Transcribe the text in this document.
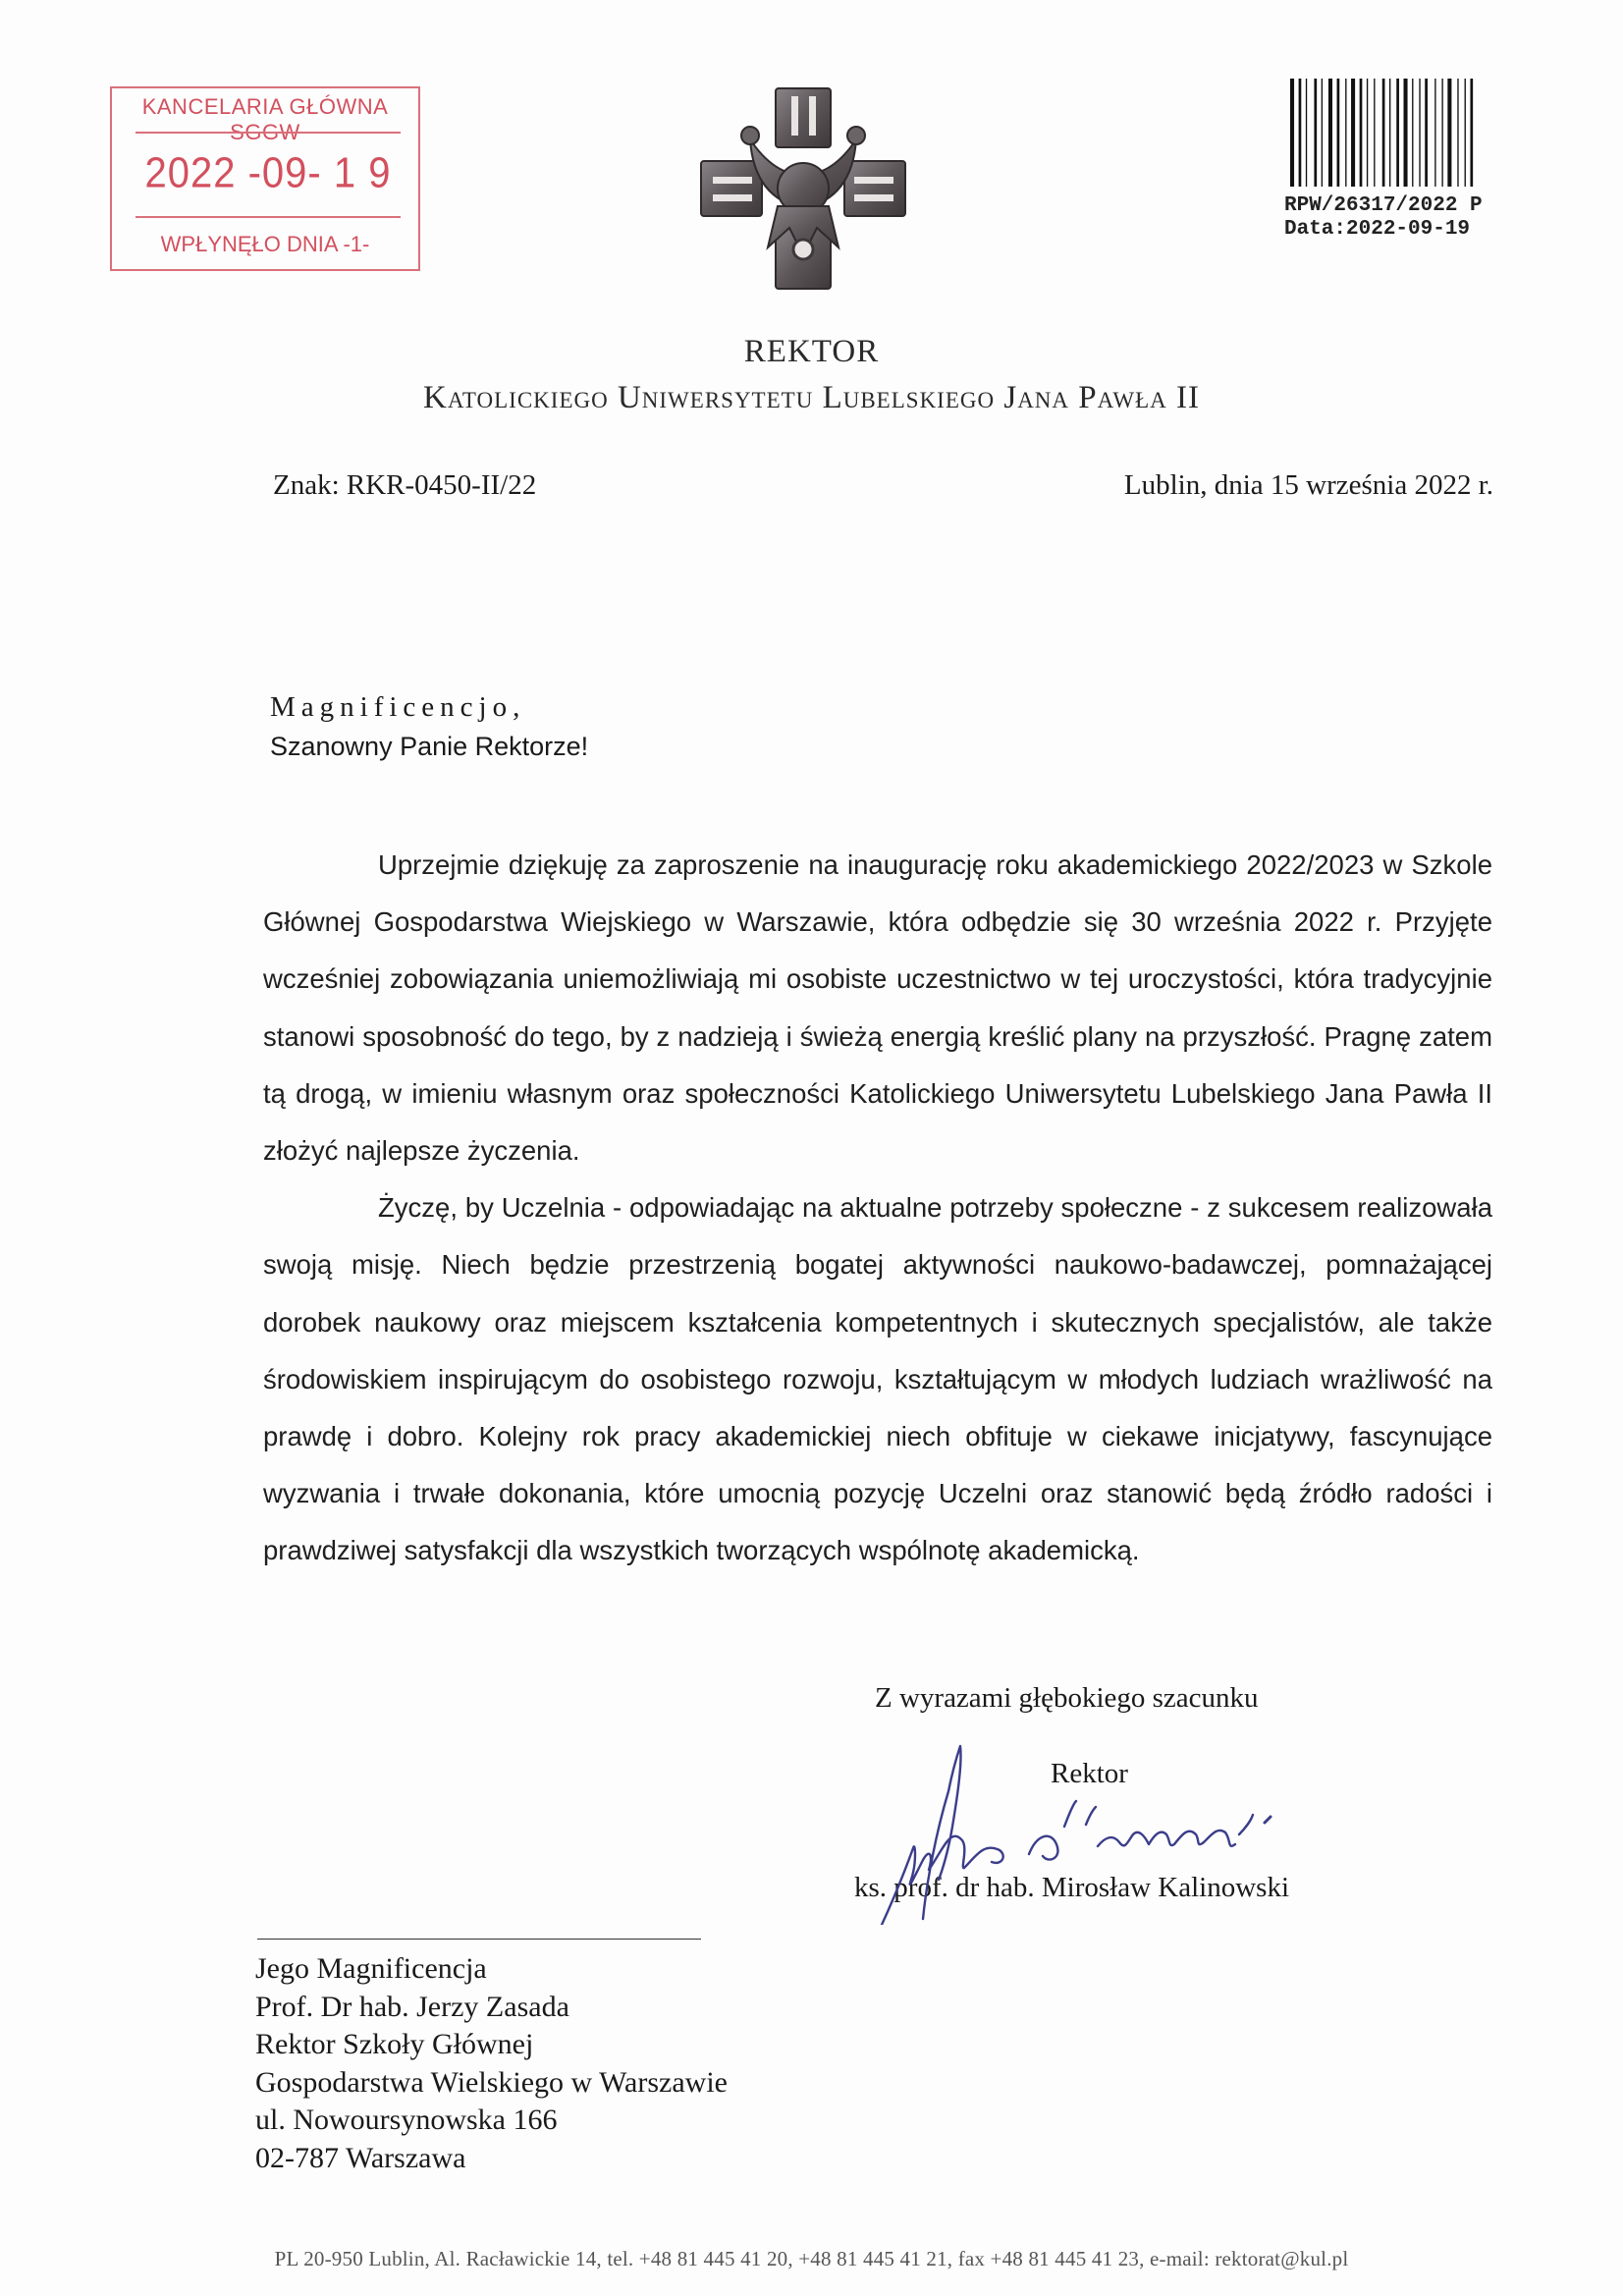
KANCELARIA GŁÓWNA SGGW
2022 -09- 1 9
WPŁYNĘŁO DNIA -1-
RPW/26317/2022 P
Data:2022-09-19
REKTOR
Katolickiego Uniwersytetu Lubelskiego Jana Pawła II
Znak: RKR-0450-II/22	Lublin, dnia 15 września 2022 r.
Magnificencjo,
Szanowny Panie Rektorze!

Uprzejmie dziękuję za zaproszenie na inaugurację roku akademickiego 2022/2023 w Szkole Głównej Gospodarstwa Wiejskiego w Warszawie, która odbędzie się 30 września 2022 r. Przyjęte wcześniej zobowiązania uniemożliwiają mi osobiste uczestnictwo w tej uroczystości, która tradycyjnie stanowi sposobność do tego, by z nadzieją i świeżą energią kreślić plany na przyszłość. Pragnę zatem tą drogą, w imieniu własnym oraz społeczności Katolickiego Uniwersytetu Lubelskiego Jana Pawła II złożyć najlepsze życzenia.

Życzę, by Uczelnia - odpowiadając na aktualne potrzeby społeczne - z sukcesem realizowała swoją misję. Niech będzie przestrzenią bogatej aktywności naukowo-badawczej, pomnażającej dorobek naukowy oraz miejscem kształcenia kompetentnych i skutecznych specjalistów, ale także środowiskiem inspirującym do osobistego rozwoju, kształtującym w młodych ludziach wrażliwość na prawdę i dobro. Kolejny rok pracy akademickiej niech obfituje w ciekawe inicjatywy, fascynujące wyzwania i trwałe dokonania, które umocnią pozycję Uczelni oraz stanowić będą źródło radości i prawdziwej satysfakcji dla wszystkich tworzących wspólnotę akademicką.

Z wyrazami głębokiego szacunku
Rektor
ks. prof. dr hab. Mirosław Kalinowski
Jego Magnificencja
Prof. Dr hab. Jerzy Zasada
Rektor Szkoły Głównej
Gospodarstwa Wielskiego w Warszawie
ul. Nowoursynowska 166
02-787 Warszawa
PL 20-950 Lublin, Al. Racławickie 14, tel. +48 81 445 41 20, +48 81 445 41 21, fax +48 81 445 41 23, e-mail: rektorat@kul.pl
